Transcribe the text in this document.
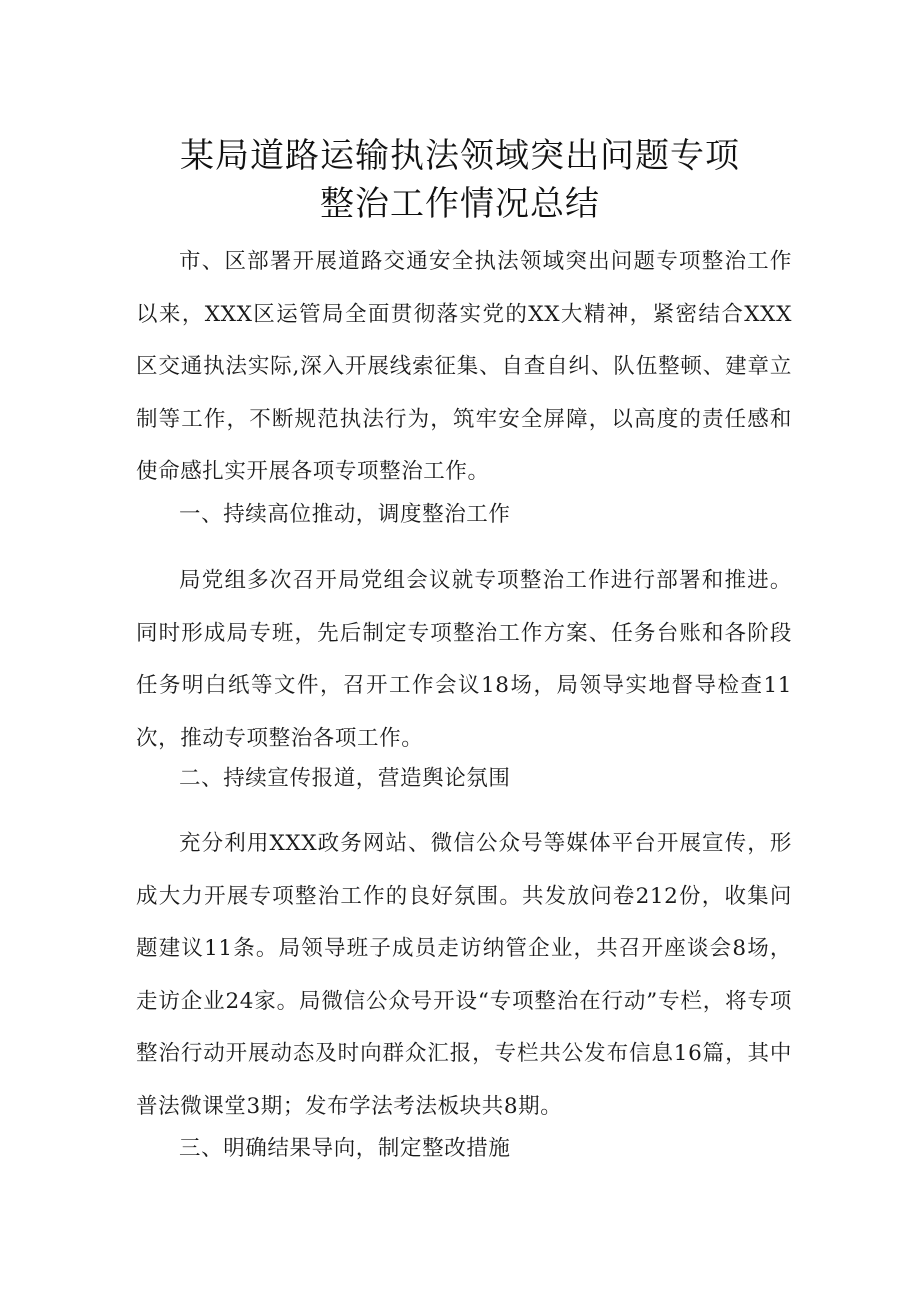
某局道路运输执法领域突出问题专项
整治工作情况总结
市、区部署开展道路交通安全执法领域突出问题专项整治工作以来，XXX区运管局全面贯彻落实党的XX大精神，紧密结合XXX区交通执法实际,深入开展线索征集、自查自纠、队伍整顿、建章立制等工作，不断规范执法行为，筑牢安全屏障，以高度的责任感和使命感扎实开展各项专项整治工作。
一、持续高位推动，调度整治工作
局党组多次召开局党组会议就专项整治工作进行部署和推进。同时形成局专班，先后制定专项整治工作方案、任务台账和各阶段任务明白纸等文件，召开工作会议18场，局领导实地督导检查11次，推动专项整治各项工作。
二、持续宣传报道，营造舆论氛围
充分利用XXX政务网站、微信公众号等媒体平台开展宣传，形成大力开展专项整治工作的良好氛围。共发放问卷212份，收集问题建议11条。局领导班子成员走访纳管企业，共召开座谈会8场，走访企业24家。局微信公众号开设“专项整治在行动”专栏，将专项整治行动开展动态及时向群众汇报，专栏共公发布信息16篇，其中普法微课堂3期；发布学法考法板块共8期。
三、明确结果导向，制定整改措施
